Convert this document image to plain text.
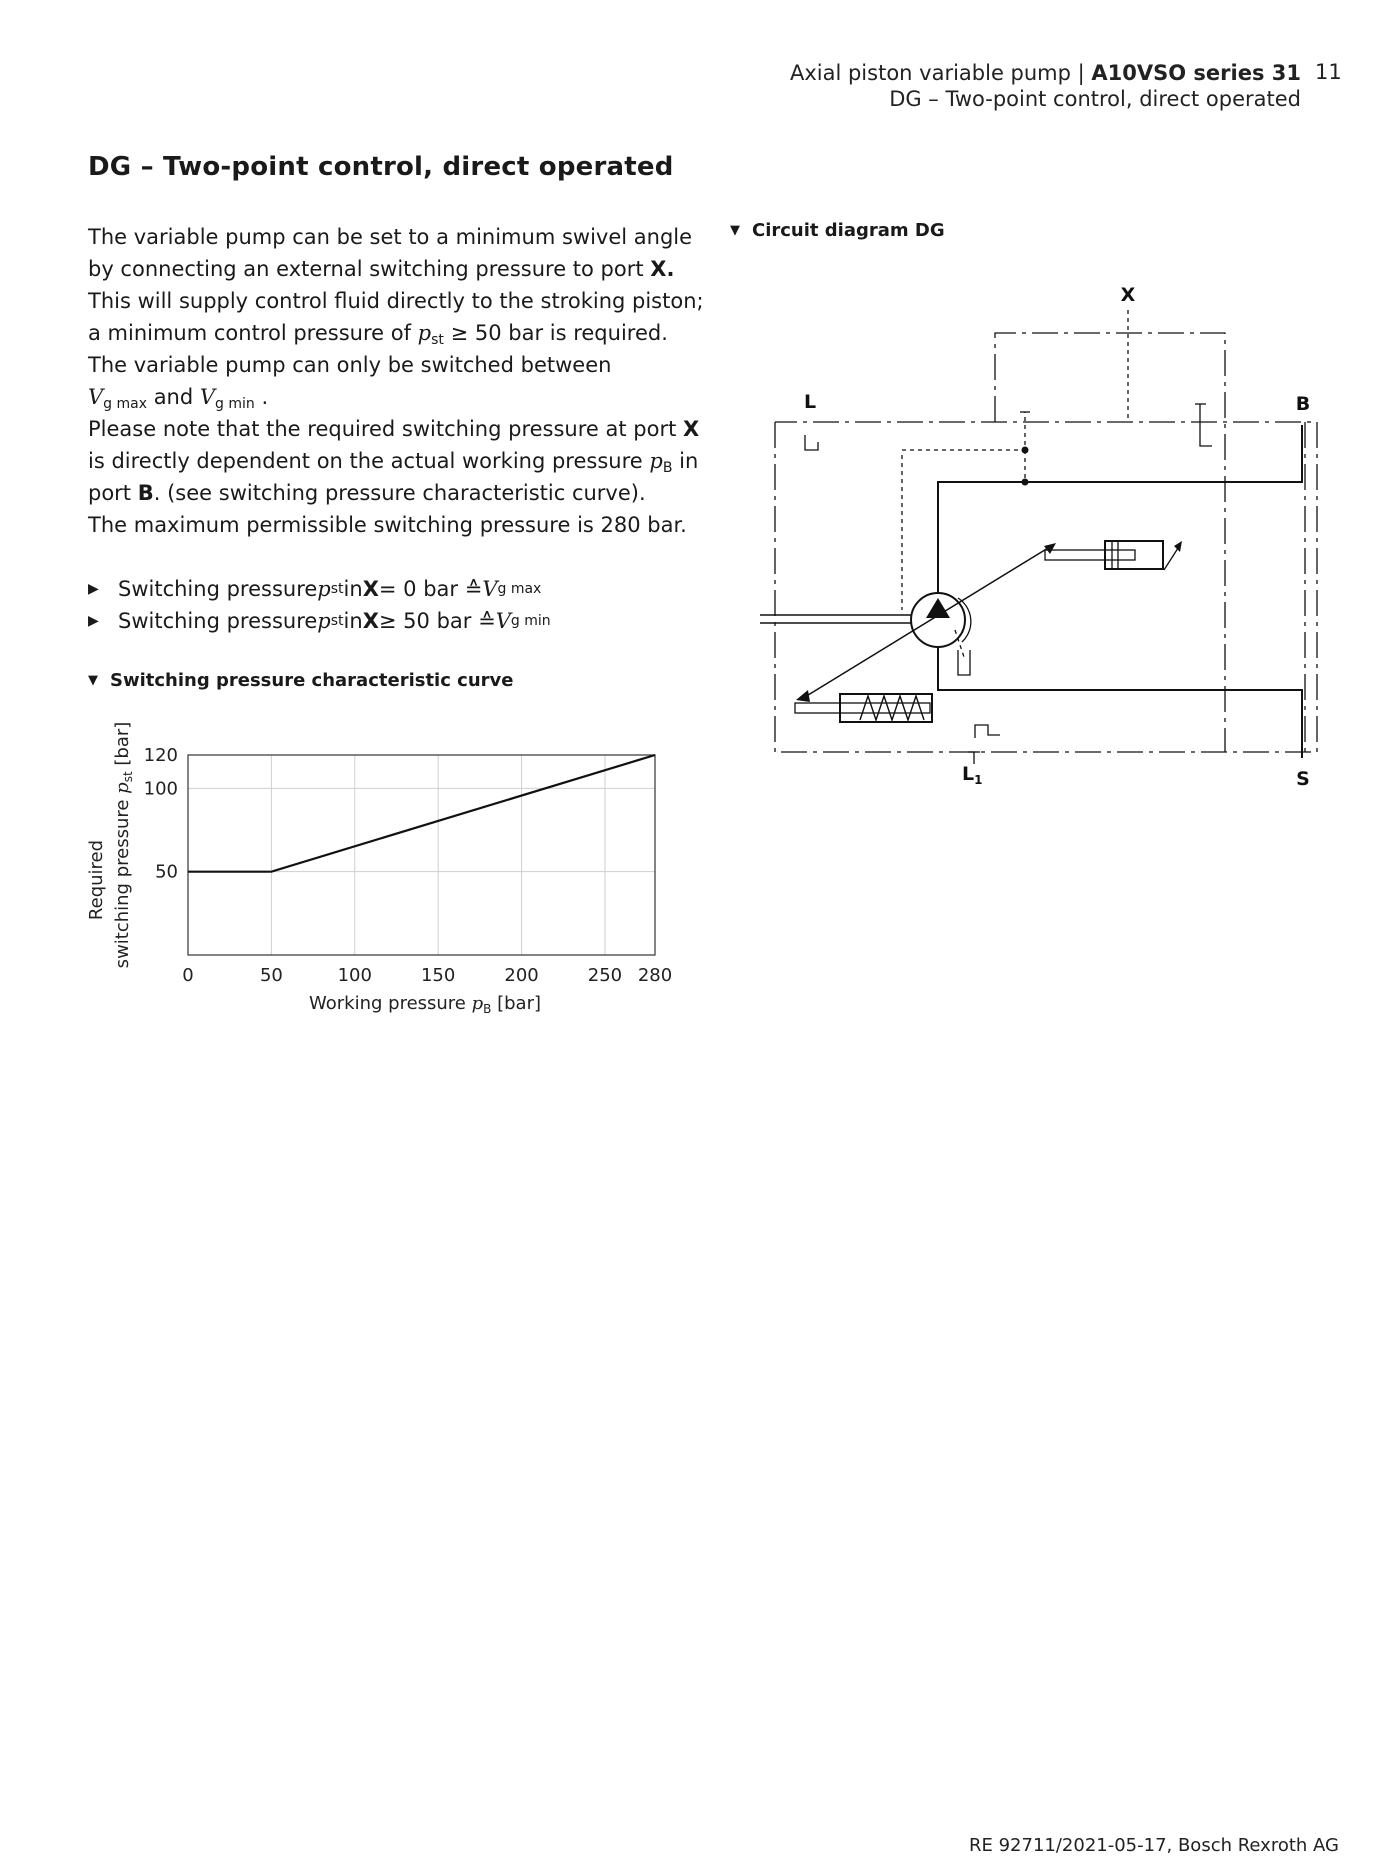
Axial piston variable pump | A10VSO series 31
DG – Two-point control, direct operated
11
DG – Two-point control, direct operated

The variable pump can be set to a minimum swivel angle

by connecting an external switching pressure to port X.

This will supply control fluid directly to the stroking piston;

a minimum control pressure of $p_{st} \ge 50$ bar is required.

The variable pump can only be switched between

$V_{g max}$ and $V_{g min}$ .

Please note that the required switching pressure at port X

is directly dependent on the actual working pressure $p_B$ in

port B. (see switching pressure characteristic curve).

The maximum permissible switching pressure is 280 bar.

▶ Switching pressure p st in X = 0 bar ≙ V g max
▶ Switching pressure p st in X ≥ 50 bar ≙ V g min
▼ Switching pressure characteristic curve
▼ Circuit diagram DG
0	50	100	150	200	250 280
50
100
120
Working pressure $p_B$ [bar]
Required switching pressure $p_{st}$ [bar]
X
L	B
$L_1$	S
RE 92711/2021-05-17, Bosch Rexroth AG
